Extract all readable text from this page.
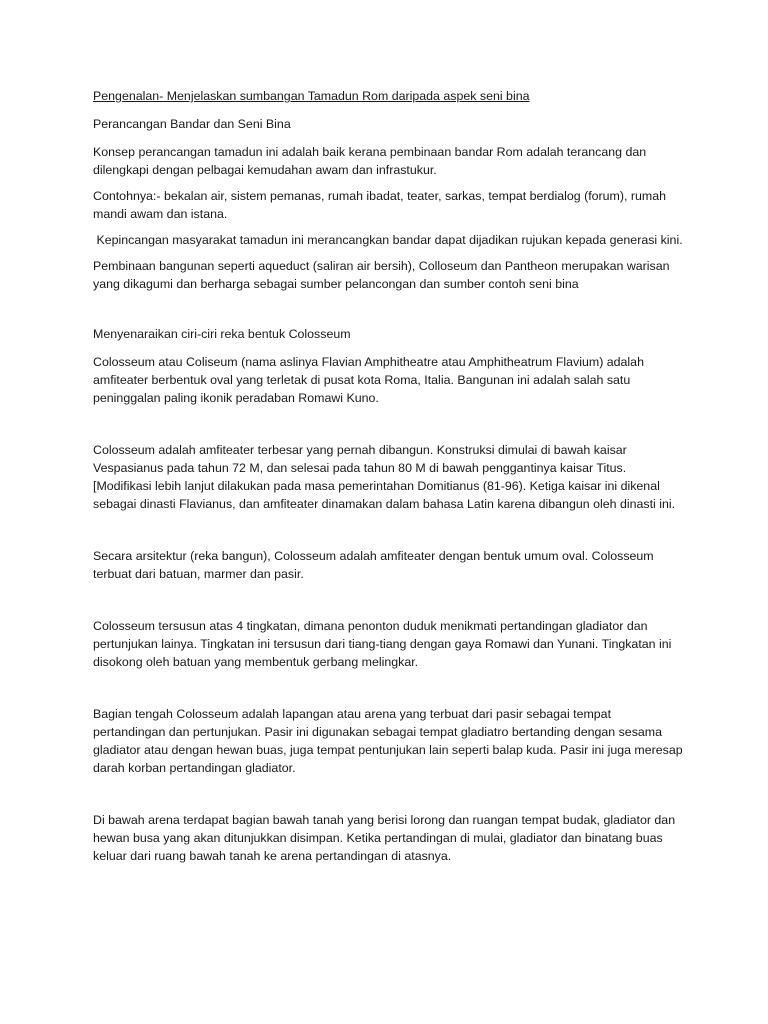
Pengenalan- Menjelaskan sumbangan Tamadun Rom daripada aspek seni bina

Perancangan Bandar dan Seni Bina

Konsep perancangan tamadun ini adalah baik kerana pembinaan bandar Rom adalah terancang dan dilengkapi dengan pelbagai kemudahan awam dan infrastukur.

Contohnya:- bekalan air, sistem pemanas, rumah ibadat, teater, sarkas, tempat berdialog (forum), rumah mandi awam dan istana.

Kepincangan masyarakat tamadun ini merancangkan bandar dapat dijadikan rujukan kepada generasi kini.

Pembinaan bangunan seperti aqueduct (saliran air bersih), Colloseum dan Pantheon merupakan warisan yang dikagumi dan berharga sebagai sumber pelancongan dan sumber contoh seni bina

Menyenaraikan ciri-ciri reka bentuk Colosseum

Colosseum atau Coliseum (nama aslinya Flavian Amphitheatre atau Amphitheatrum Flavium) adalah amfiteater berbentuk oval yang terletak di pusat kota Roma, Italia. Bangunan ini adalah salah satu peninggalan paling ikonik peradaban Romawi Kuno.

Colosseum adalah amfiteater terbesar yang pernah dibangun. Konstruksi dimulai di bawah kaisar Vespasianus pada tahun 72 M, dan selesai pada tahun 80 M di bawah penggantinya kaisar Titus.[Modifikasi lebih lanjut dilakukan pada masa pemerintahan Domitianus (81-96). Ketiga kaisar ini dikenal sebagai dinasti Flavianus, dan amfiteater dinamakan dalam bahasa Latin karena dibangun oleh dinasti ini.

Secara arsitektur (reka bangun), Colosseum adalah amfiteater dengan bentuk umum oval. Colosseum terbuat dari batuan, marmer dan pasir.

Colosseum tersusun atas 4 tingkatan, dimana penonton duduk menikmati pertandingan gladiator dan pertunjukan lainya. Tingkatan ini tersusun dari tiang-tiang dengan gaya Romawi dan Yunani. Tingkatan ini disokong oleh batuan yang membentuk gerbang melingkar.

Bagian tengah Colosseum adalah lapangan atau arena yang terbuat dari pasir sebagai tempat pertandingan dan pertunjukan. Pasir ini digunakan sebagai tempat gladiatro bertanding dengan sesama gladiator atau dengan hewan buas, juga tempat pentunjukan lain seperti balap kuda. Pasir ini juga meresap darah korban pertandingan gladiator.

Di bawah arena terdapat bagian bawah tanah yang berisi lorong dan ruangan tempat budak, gladiator dan hewan busa yang akan ditunjukkan disimpan. Ketika pertandingan di mulai, gladiator dan binatang buas keluar dari ruang bawah tanah ke arena pertandingan di atasnya.
